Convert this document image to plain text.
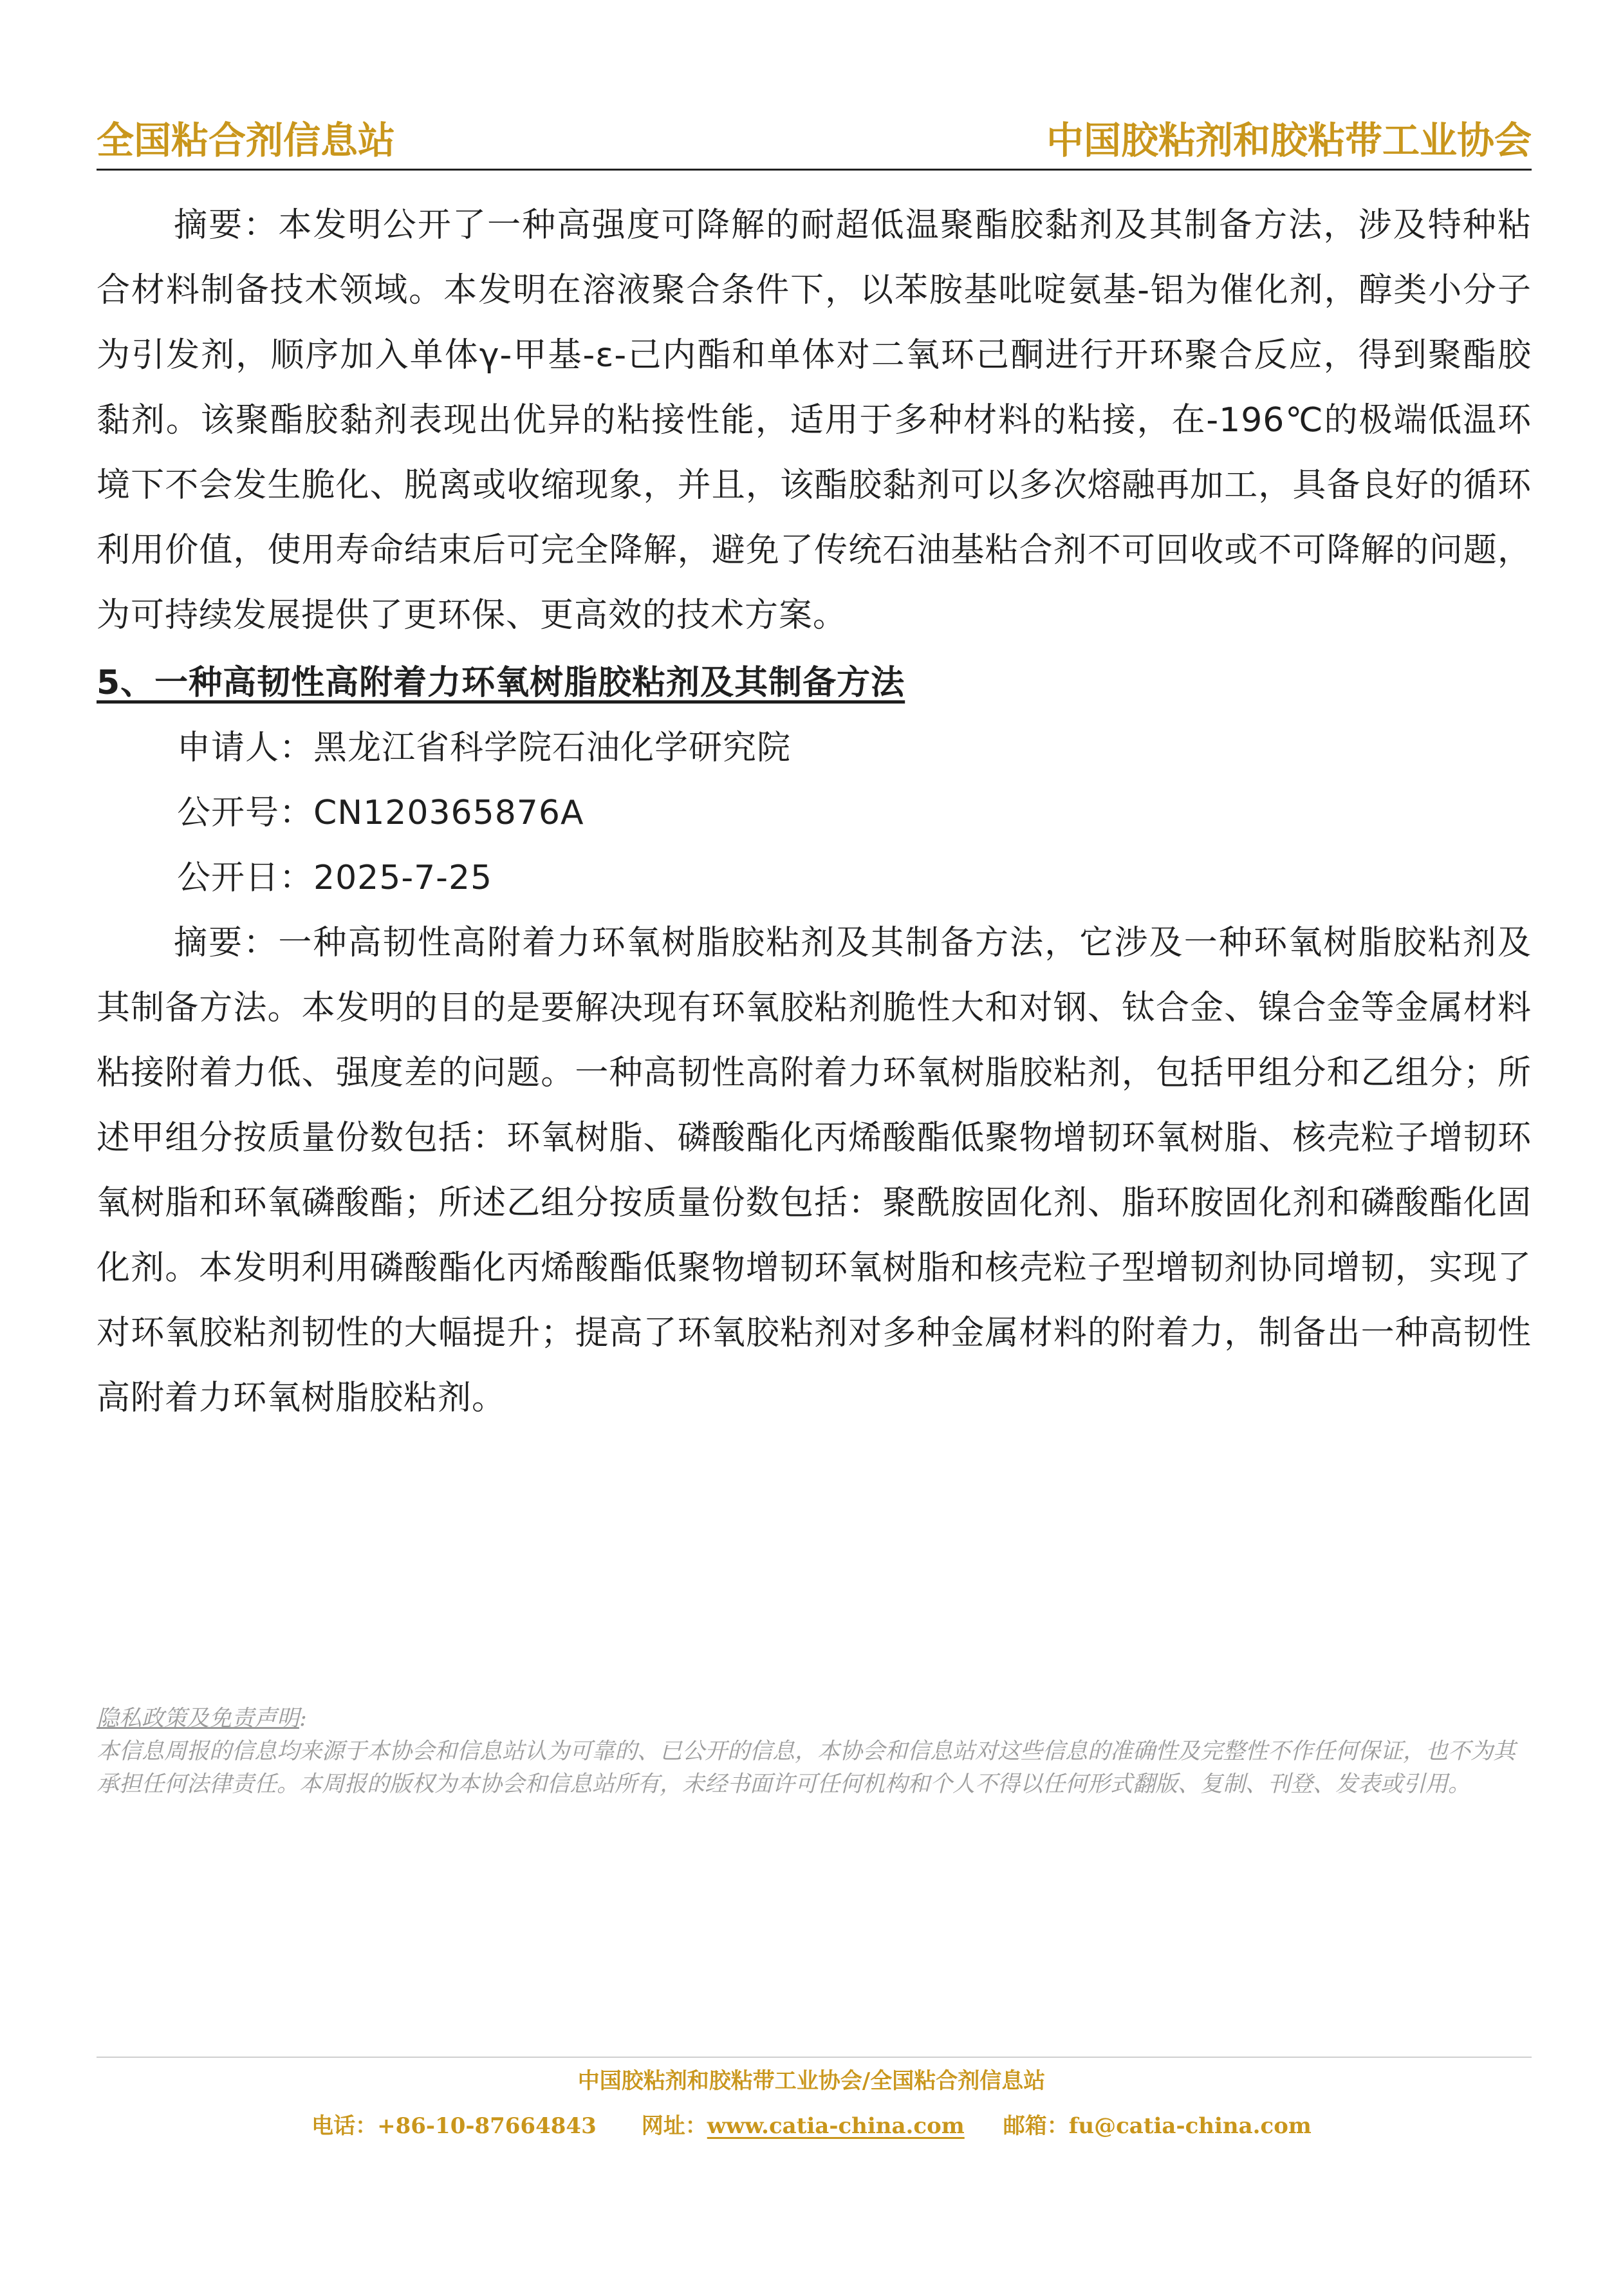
全国粘合剂信息站	中国胶粘剂和胶粘带工业协会

摘要：本发明公开了一种高强度可降解的耐超低温聚酯胶黏剂及其制备方法，涉及特种粘合材料制备技术领域。本发明在溶液聚合条件下，以苯胺基吡啶氨基-铝为催化剂，醇类小分子为引发剂，顺序加入单体γ-甲基-ε-己内酯和单体对二氧环己酮进行开环聚合反应，得到聚酯胶黏剂。该聚酯胶黏剂表现出优异的粘接性能，适用于多种材料的粘接，在-196℃的极端低温环境下不会发生脆化、脱离或收缩现象，并且，该酯胶黏剂可以多次熔融再加工，具备良好的循环利用价值，使用寿命结束后可完全降解，避免了传统石油基粘合剂不可回收或不可降解的问题，为可持续发展提供了更环保、更高效的技术方案。

5、一种高韧性高附着力环氧树脂胶粘剂及其制备方法

申请人：黑龙江省科学院石油化学研究院

公开号：CN120365876A

公开日：2025-7-25

摘要：一种高韧性高附着力环氧树脂胶粘剂及其制备方法，它涉及一种环氧树脂胶粘剂及其制备方法。本发明的目的是要解决现有环氧胶粘剂脆性大和对钢、钛合金、镍合金等金属材料粘接附着力低、强度差的问题。一种高韧性高附着力环氧树脂胶粘剂，包括甲组分和乙组分；所述甲组分按质量份数包括：环氧树脂、磷酸酯化丙烯酸酯低聚物增韧环氧树脂、核壳粒子增韧环氧树脂和环氧磷酸酯；所述乙组分按质量份数包括：聚酰胺固化剂、脂环胺固化剂和磷酸酯化固化剂。本发明利用磷酸酯化丙烯酸酯低聚物增韧环氧树脂和核壳粒子型增韧剂协同增韧，实现了对环氧胶粘剂韧性的大幅提升；提高了环氧胶粘剂对多种金属材料的附着力，制备出一种高韧性高附着力环氧树脂胶粘剂。

隐私政策及免责声明:
本信息周报的信息均来源于本协会和信息站认为可靠的、已公开的信息，本协会和信息站对这些信息的准确性及完整性不作任何保证，也不为其承担任何法律责任。本周报的版权为本协会和信息站所有，未经书面许可任何机构和个人不得以任何形式翻版、复制、刊登、发表或引用。
中国胶粘剂和胶粘带工业协会/全国粘合剂信息站
电话：+86-10-87664843 网址：www.catia-china.com 邮箱：fu@catia-china.com
